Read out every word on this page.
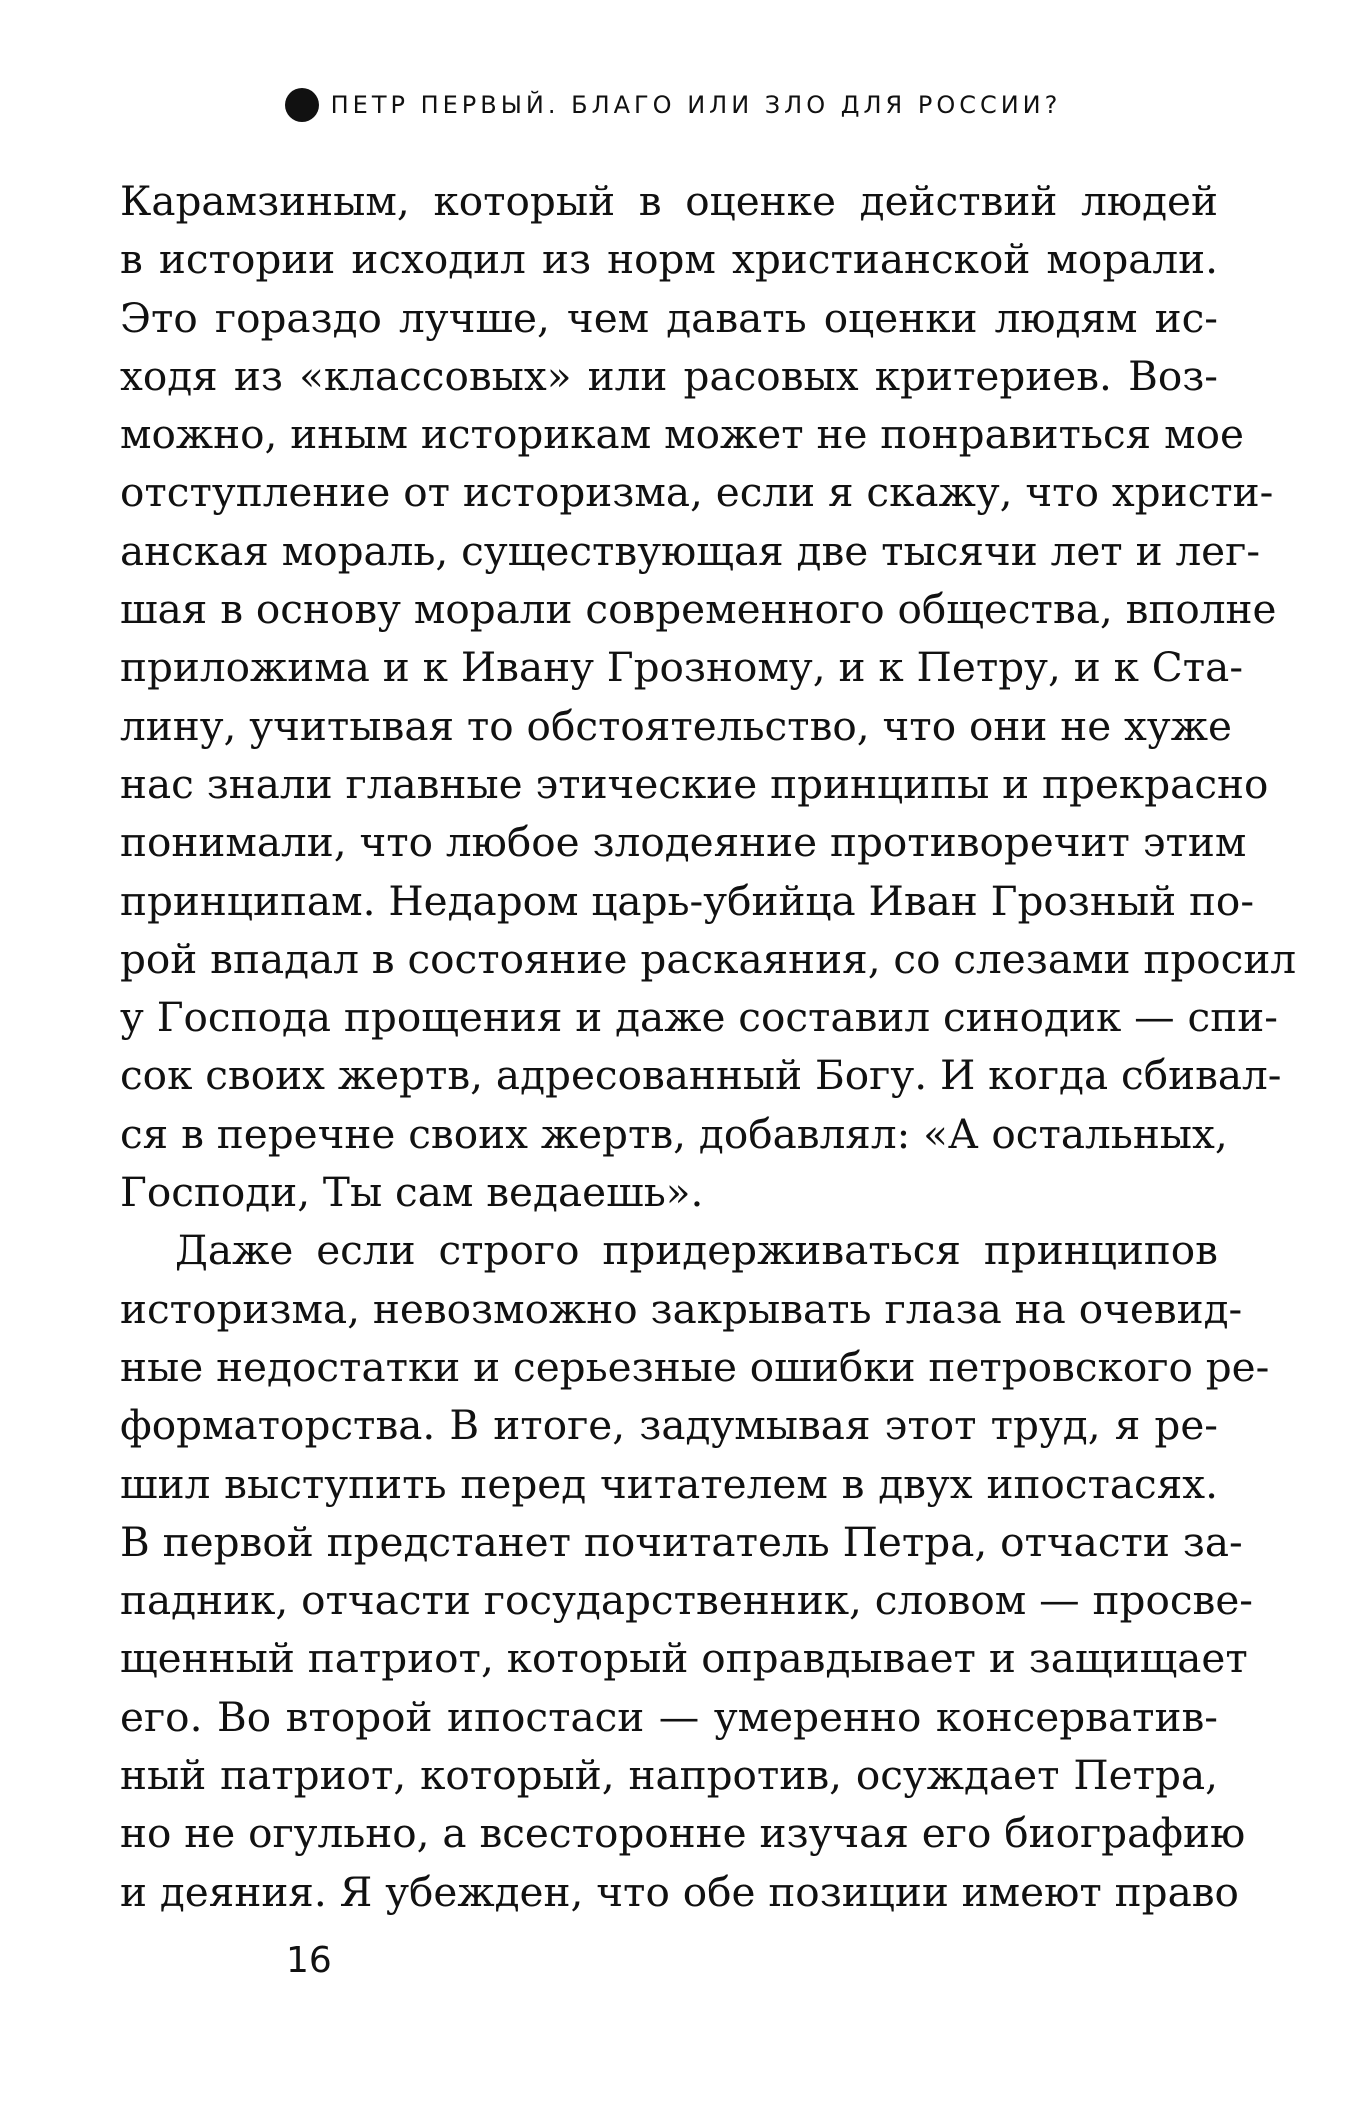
ПЕТР ПЕРВЫЙ. БЛАГО ИЛИ ЗЛО ДЛЯ РОССИИ?
Карамзиным, который в оценке действий людей
в истории исходил из норм христианской морали.
Это гораздо лучше, чем давать оценки людям ис-
ходя из «классовых» или расовых критериев. Воз-
можно, иным историкам может не понравиться мое
отступление от историзма, если я скажу, что христи-
анская мораль, существующая две тысячи лет и лег-
шая в основу морали современного общества, вполне
приложима и к Ивану Грозному, и к Петру, и к Ста-
лину, учитывая то обстоятельство, что они не хуже
нас знали главные этические принципы и прекрасно
понимали, что любое злодеяние противоречит этим
принципам. Недаром царь-убийца Иван Грозный по-
рой впадал в состояние раскаяния, со слезами просил
у Господа прощения и даже составил синодик — спи-
сок своих жертв, адресованный Богу. И когда сбивал-
ся в перечне своих жертв, добавлял: «А остальных,
Господи, Ты сам ведаешь».
Даже если строго придерживаться принципов
историзма, невозможно закрывать глаза на очевид-
ные недостатки и серьезные ошибки петровского ре-
форматорства. В итоге, задумывая этот труд, я ре-
шил выступить перед читателем в двух ипостасях.
В первой предстанет почитатель Петра, отчасти за-
падник, отчасти государственник, словом — просве-
щенный патриот, который оправдывает и защищает
его. Во второй ипостаси — умеренно консерватив-
ный патриот, который, напротив, осуждает Петра,
но не огульно, а всесторонне изучая его биографию
и деяния. Я убежден, что обе позиции имеют право
16
